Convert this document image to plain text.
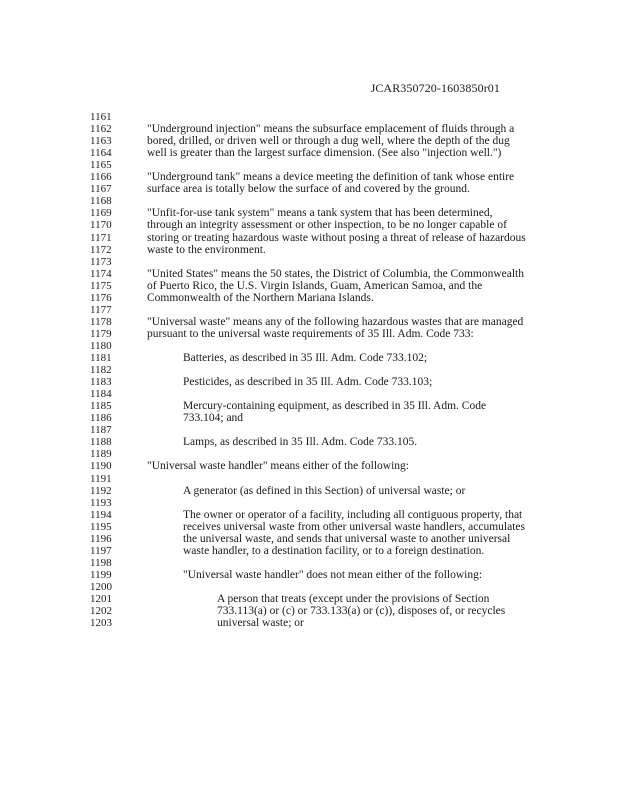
JCAR350720-1603850r01
1161
1162	"Underground injection" means the subsurface emplacement of fluids through a
1163	bored, drilled, or driven well or through a dug well, where the depth of the dug
1164	well is greater than the largest surface dimension. (See also "injection well.")
1165
1166	"Underground tank" means a device meeting the definition of tank whose entire
1167	surface area is totally below the surface of and covered by the ground.
1168
1169	"Unfit-for-use tank system" means a tank system that has been determined,
1170	through an integrity assessment or other inspection, to be no longer capable of
1171	storing or treating hazardous waste without posing a threat of release of hazardous
1172	waste to the environment.
1173
1174	"United States" means the 50 states, the District of Columbia, the Commonwealth
1175	of Puerto Rico, the U.S. Virgin Islands, Guam, American Samoa, and the
1176	Commonwealth of the Northern Mariana Islands.
1177
1178	"Universal waste" means any of the following hazardous wastes that are managed
1179	pursuant to the universal waste requirements of 35 Ill. Adm. Code 733:
1180
1181	Batteries, as described in 35 Ill. Adm. Code 733.102;
1182
1183	Pesticides, as described in 35 Ill. Adm. Code 733.103;
1184
1185	Mercury-containing equipment, as described in 35 Ill. Adm. Code
1186	733.104; and
1187
1188	Lamps, as described in 35 Ill. Adm. Code 733.105.
1189
1190	"Universal waste handler" means either of the following:
1191
1192	A generator (as defined in this Section) of universal waste; or
1193
1194	The owner or operator of a facility, including all contiguous property, that
1195	receives universal waste from other universal waste handlers, accumulates
1196	the universal waste, and sends that universal waste to another universal
1197	waste handler, to a destination facility, or to a foreign destination.
1198
1199	"Universal waste handler" does not mean either of the following:
1200
1201	A person that treats (except under the provisions of Section
1202	733.113(a) or (c) or 733.133(a) or (c)), disposes of, or recycles
1203	universal waste; or
